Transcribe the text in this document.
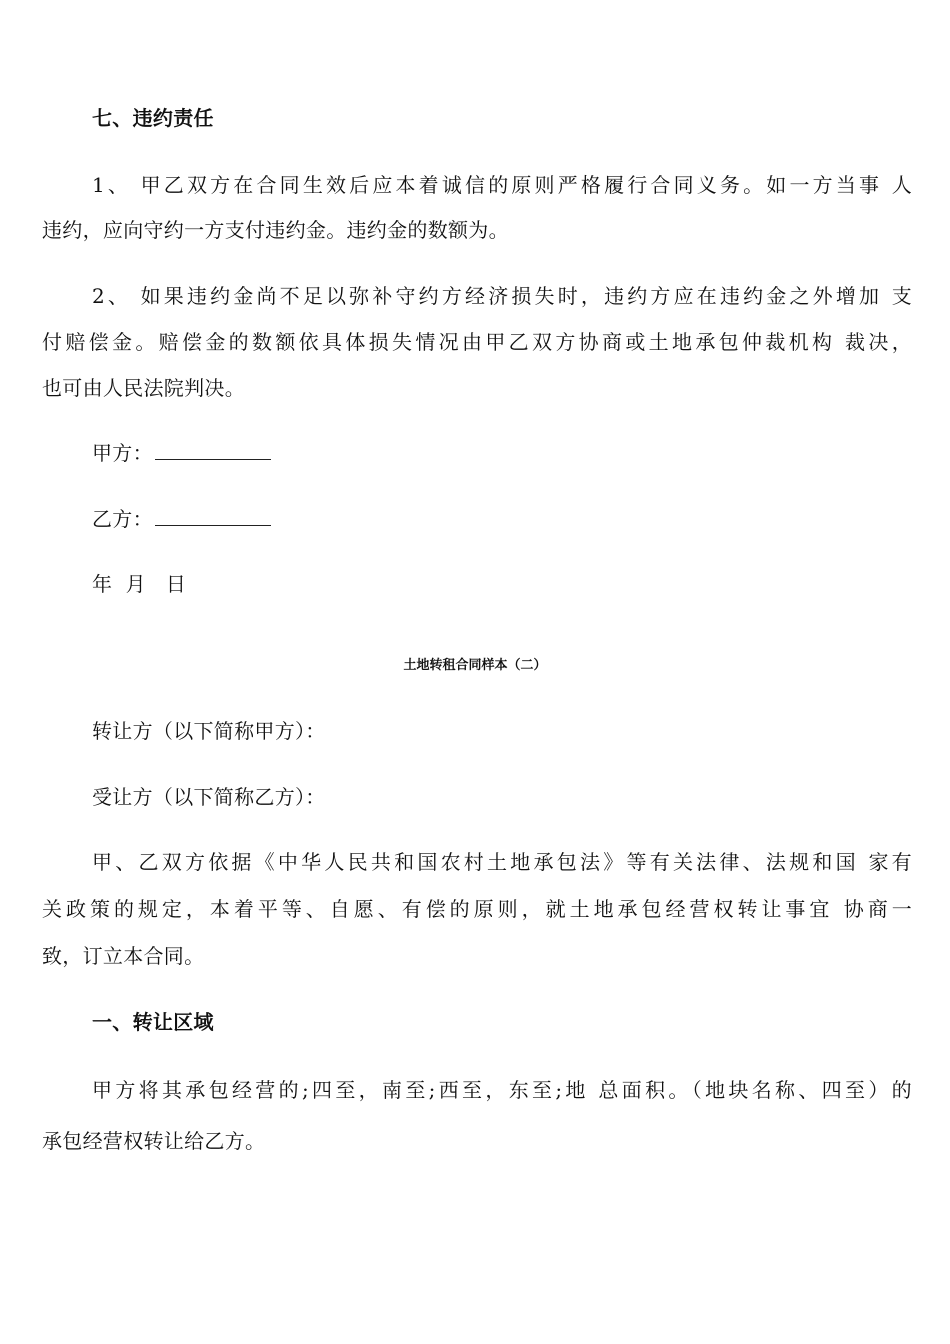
七、违约责任
1、 甲乙双方在合同生效后应本着诚信的原则严格履行合同义务。如一方当事 人
违约，应向守约一方支付违约金。违约金的数额为。
2、 如果违约金尚不足以弥补守约方经济损失时，违约方应在违约金之外增加 支
付赔偿金。赔偿金的数额依具体损失情况由甲乙双方协商或土地承包仲裁机构 裁决，
也可由人民法院判决。
甲方：
乙方：
年  月   日
土地转租合同样本（二）
转让方（以下简称甲方）：
受让方（以下简称乙方）：
甲、乙双方依据《中华人民共和国农村土地承包法》等有关法律、法规和国 家有
关政策的规定，本着平等、自愿、有偿的原则，就土地承包经营权转让事宜 协商一
致，订立本合同。
一、转让区域
甲方将其承包经营的;四至，南至;西至，东至;地 总面积。（地块名称、四至）的
承包经营权转让给乙方。
